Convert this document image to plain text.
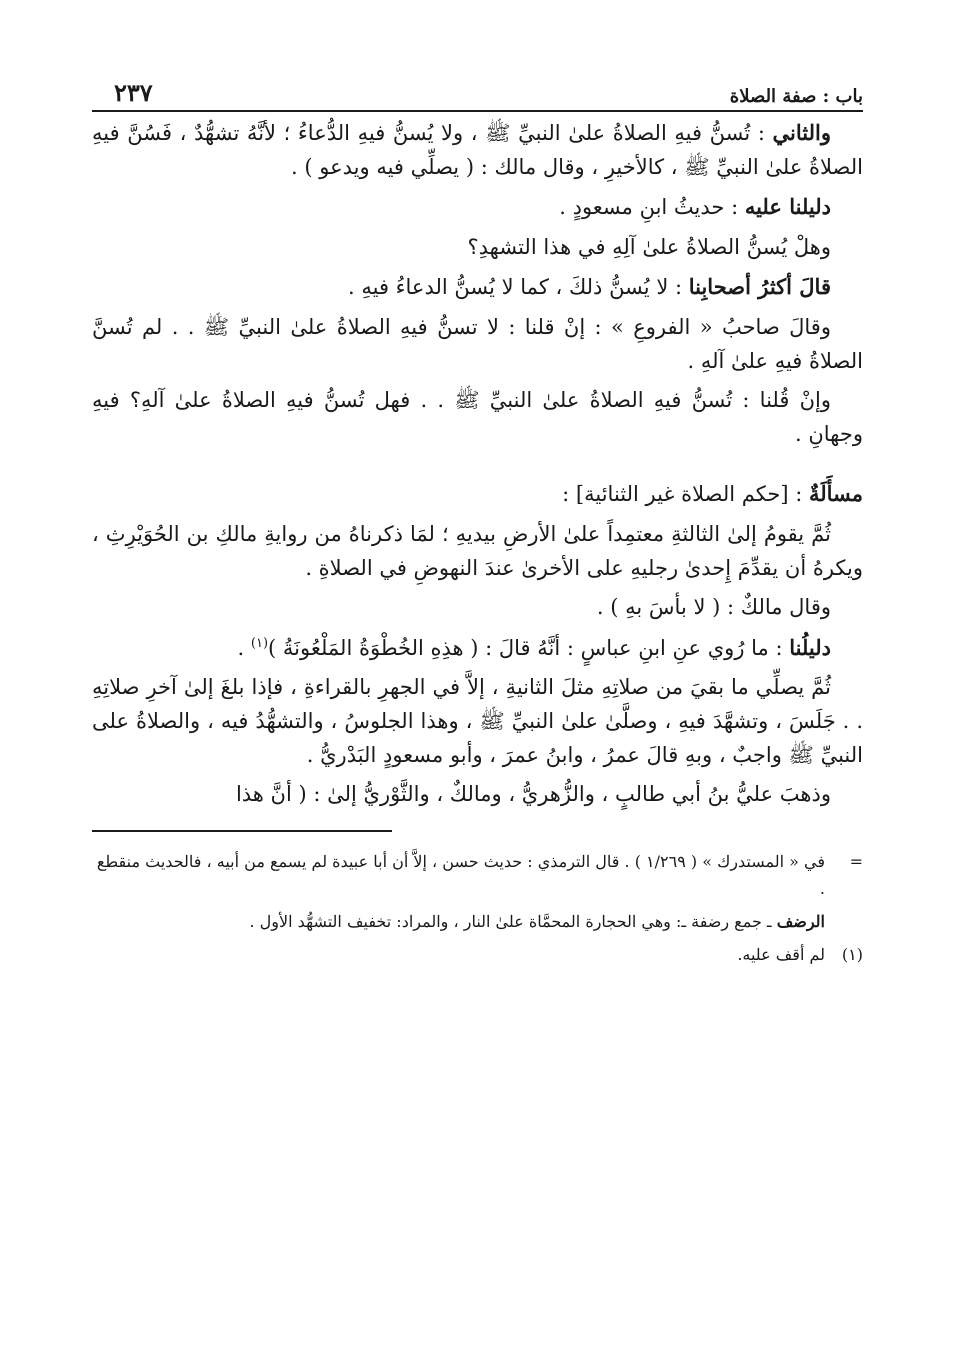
باب : صفة الصلاة
٢٣٧

والثاني : تُسنُّ فيهِ الصلاةُ علىٰ النبيِّ ﷺ ، ولا يُسنُّ فيهِ الدُّعاءُ ؛ لأنَّهُ تشهُّدٌ ، فَسُنَّ فيهِ الصلاةُ علىٰ النبيِّ ﷺ ، كالأخيرِ ، وقال مالك : ( يصلِّي فيه ويدعو ) .

دليلنا عليه : حديثُ ابنِ مسعودٍ .

وهلْ يُسنُّ الصلاةُ علىٰ آلِهِ في هذا التشهدِ؟

قالَ أكثرُ أصحابِنا : لا يُسنُّ ذلكَ ، كما لا يُسنُّ الدعاءُ فيهِ .

وقالَ صاحبُ « الفروعِ » : إنْ قلنا : لا تسنُّ فيهِ الصلاةُ علىٰ النبيِّ ﷺ . . لم تُسنَّ الصلاةُ فيهِ علىٰ آلهِ .

وإنْ قُلنا : تُسنُّ فيهِ الصلاةُ علىٰ النبيِّ ﷺ . . فهل تُسنُّ فيهِ الصلاةُ علىٰ آلهِ؟ فيهِ وجهانِ .

مسأَلَةٌ : [حكم الصلاة غير الثنائية] :

ثُمَّ يقومُ إلىٰ الثالثةِ معتمِداً علىٰ الأرضِ بيديهِ ؛ لمَا ذكرناهُ من روايةِ مالكِ بن الحُوَيْرِثِ ، ويكرهُ أن يقدِّمَ إِحدىٰ رجليهِ على الأخرىٰ عندَ النهوضِ في الصلاةِ .

وقال مالكٌ : ( لا بأسَ بهِ ) .

دليلُنا : ما رُوي عنِ ابنِ عباسٍ : أنَّهُ قالَ : ( هذِهِ الخُطْوَةُ المَلْعُونَةُ )$^{(١)}$ .

ثُمَّ يصلِّي ما بقيَ من صلاتِهِ مثلَ الثانيةِ ، إلاَّ في الجهرِ بالقراءةِ ، فإذا بلغَ إلىٰ آخرِ صلاتِهِ . . جَلَسَ ، وتشهَّدَ فيهِ ، وصلَّىٰ علىٰ النبيِّ ﷺ ، وهذا الجلوسُ ، والتشهُّدُ فيه ، والصلاةُ على النبيِّ ﷺ واجبٌ ، وبهِ قالَ عمرُ ، وابنُ عمرَ ، وأبو مسعودٍ البَدْريُّ .

وذهبَ عليُّ بنُ أبي طالبٍ ، والزُّهريُّ ، ومالكٌ ، والثَّوْريُّ إلىٰ : ( أنَّ هذا

=
في « المستدرك » ( ١/٢٦٩ ) . قال الترمذي : حديث حسن ، إلاَّ أن أبا عبيدة لم يسمع من أبيه ، فالحديث منقطع .

الرضف ـ جمع رضفة ـ: وهي الحجارة المحمَّاة علىٰ النار ، والمراد: تخفيف التشهُّد الأول .

(١)
لم أقف عليه.
